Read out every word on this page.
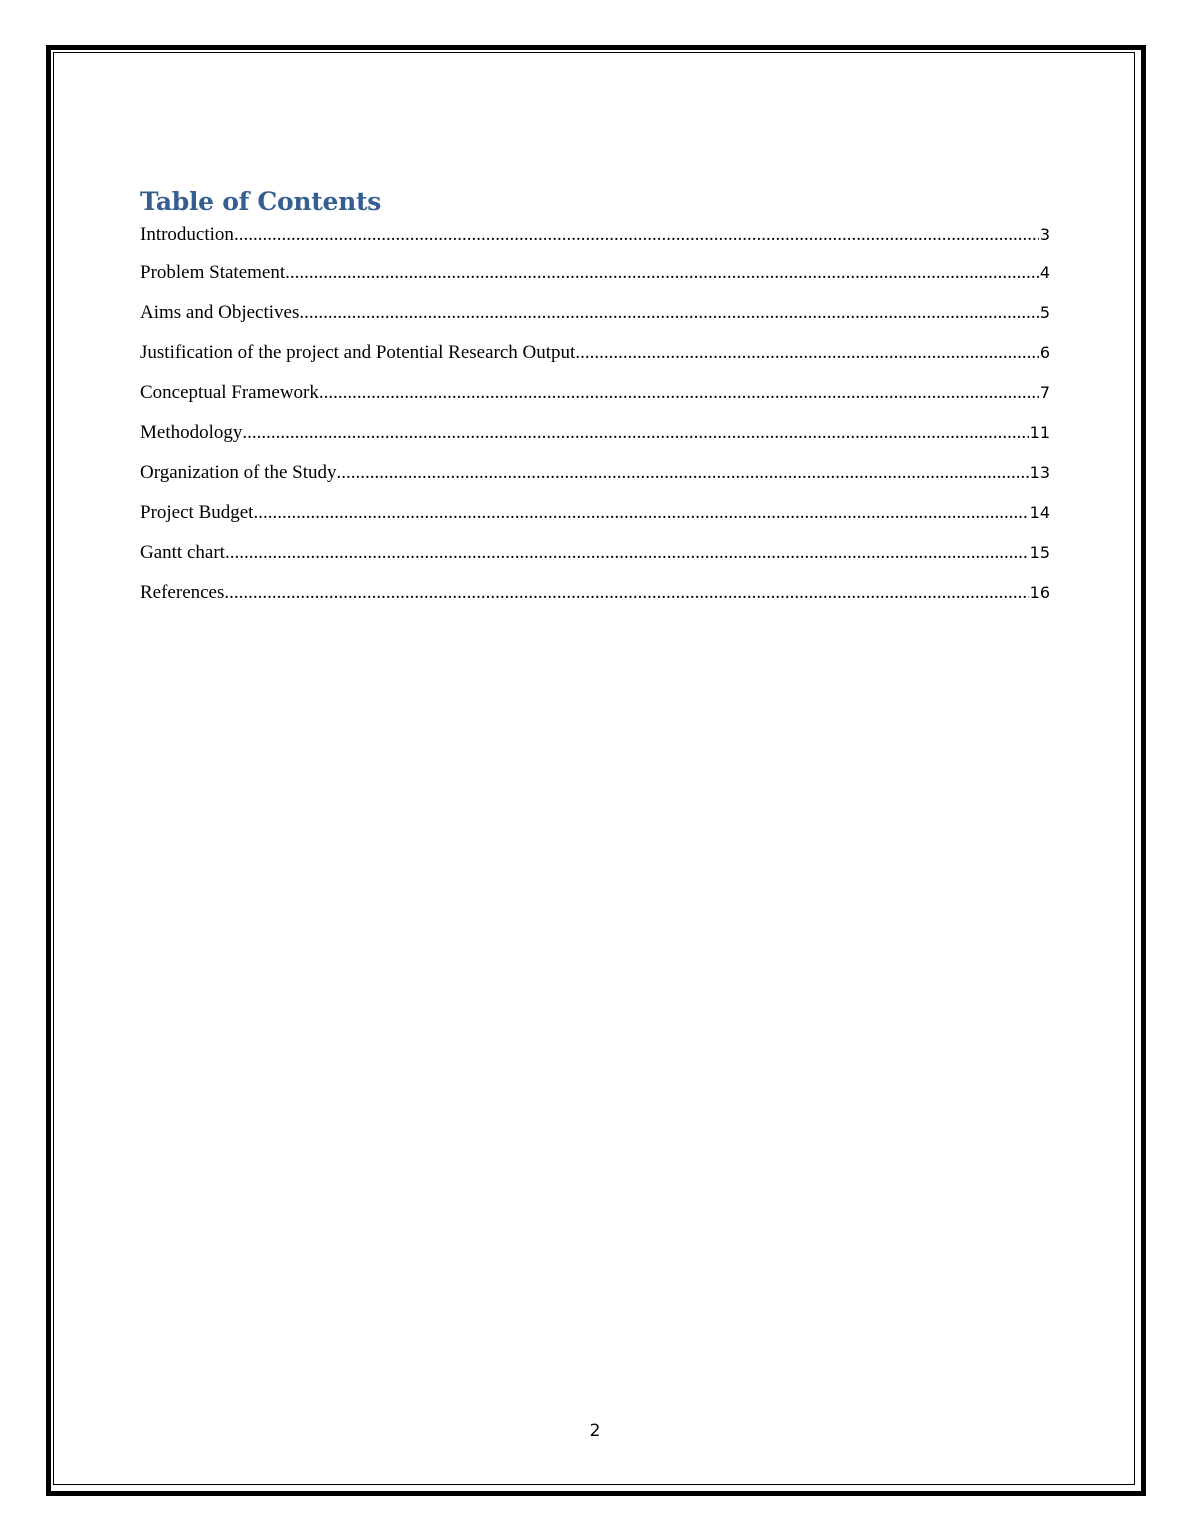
Table of Contents
Introduction .....	3
Problem Statement .....	4
Aims and Objectives .....	5
Justification of the project and Potential Research Output .....	6
Conceptual Framework .....	7
Methodology .....	11
Organization of the Study .....	13
Project Budget .....	14
Gantt chart .....	15
References .....	16
2
